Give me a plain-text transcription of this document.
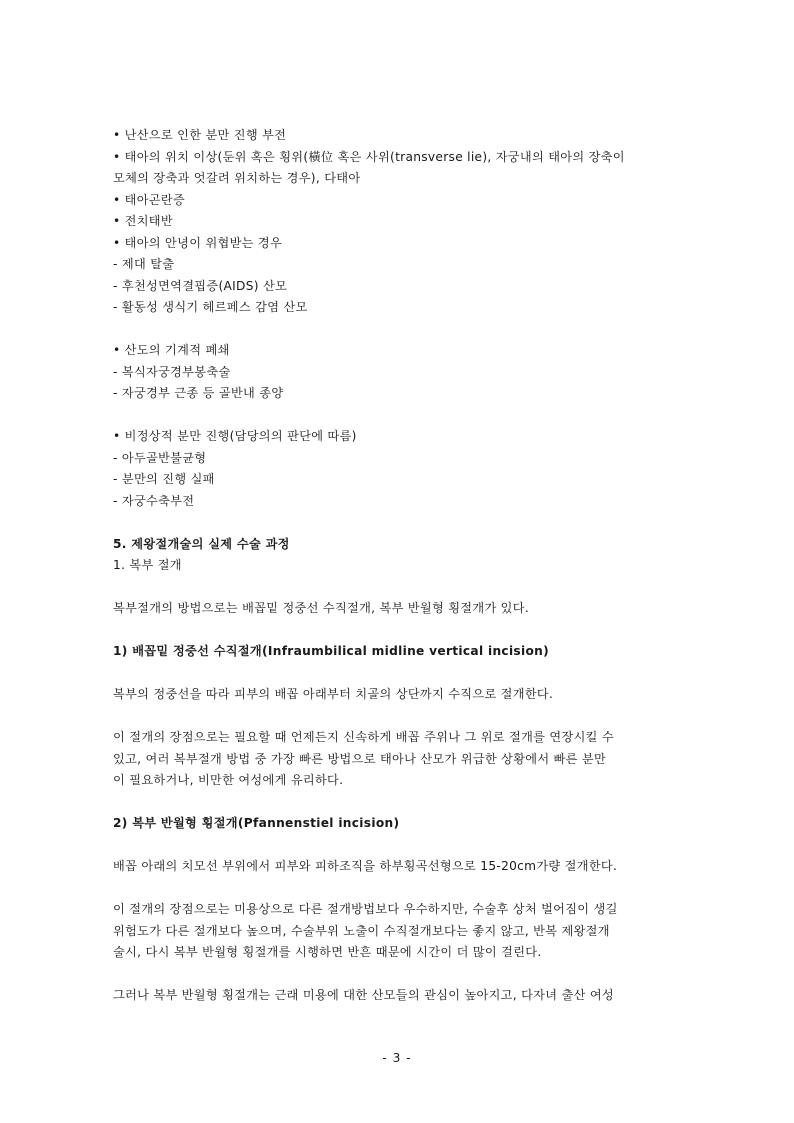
• 난산으로 인한 분만 진행 부전
• 태아의 위치 이상(둔위 혹은 횡위(橫位 혹은 사위(transverse lie), 자궁내의 태아의 장축이
모체의 장축과 엇갈려 위치하는 경우), 다태아
• 태아곤란증
• 전치태반
• 태아의 안녕이 위협받는 경우
- 제대 탈출
- 후천성면역결핍증(AIDS) 산모
- 활동성 생식기 헤르페스 감염 산모
• 산도의 기계적 폐쇄
- 복식자궁경부봉축술
- 자궁경부 근종 등 골반내 종양
• 비정상적 분만 진행(담당의의 판단에 따름)
- 아두골반불균형
- 분만의 진행 실패
- 자궁수축부전
5. 제왕절개술의 실제 수술 과정
1. 복부 절개
복부절개의 방법으로는 배꼽밑 정중선 수직절개, 복부 반월형 횡절개가 있다.
1) 배꼽밑 정중선 수직절개(Infraumbilical midline vertical incision)
복부의 정중선을 따라 피부의 배꼽 아래부터 치골의 상단까지 수직으로 절개한다.
이 절개의 장점으로는 필요할 때 언제든지 신속하게 배꼽 주위나 그 위로 절개를 연장시킬 수
있고, 여러 복부절개 방법 중 가장 빠른 방법으로 태아나 산모가 위급한 상황에서 빠른 분만
이 필요하거나, 비만한 여성에게 유리하다.
2) 복부 반월형 횡절개(Pfannenstiel incision)
배꼽 아래의 치모선 부위에서 피부와 피하조직을 하부횡곡선형으로 15-20cm가량 절개한다.
이 절개의 장점으로는 미용상으로 다른 절개방법보다 우수하지만, 수술후 상처 벌어짐이 생길
위험도가 다른 절개보다 높으며, 수술부위 노출이 수직절개보다는 좋지 않고, 반복 제왕절개
술시, 다시 복부 반월형 횡절개를 시행하면 반흔 때문에 시간이 더 많이 걸린다.
그러나 복부 반월형 횡절개는 근래 미용에 대한 산모들의 관심이 높아지고, 다자녀 출산 여성
- 3 -
